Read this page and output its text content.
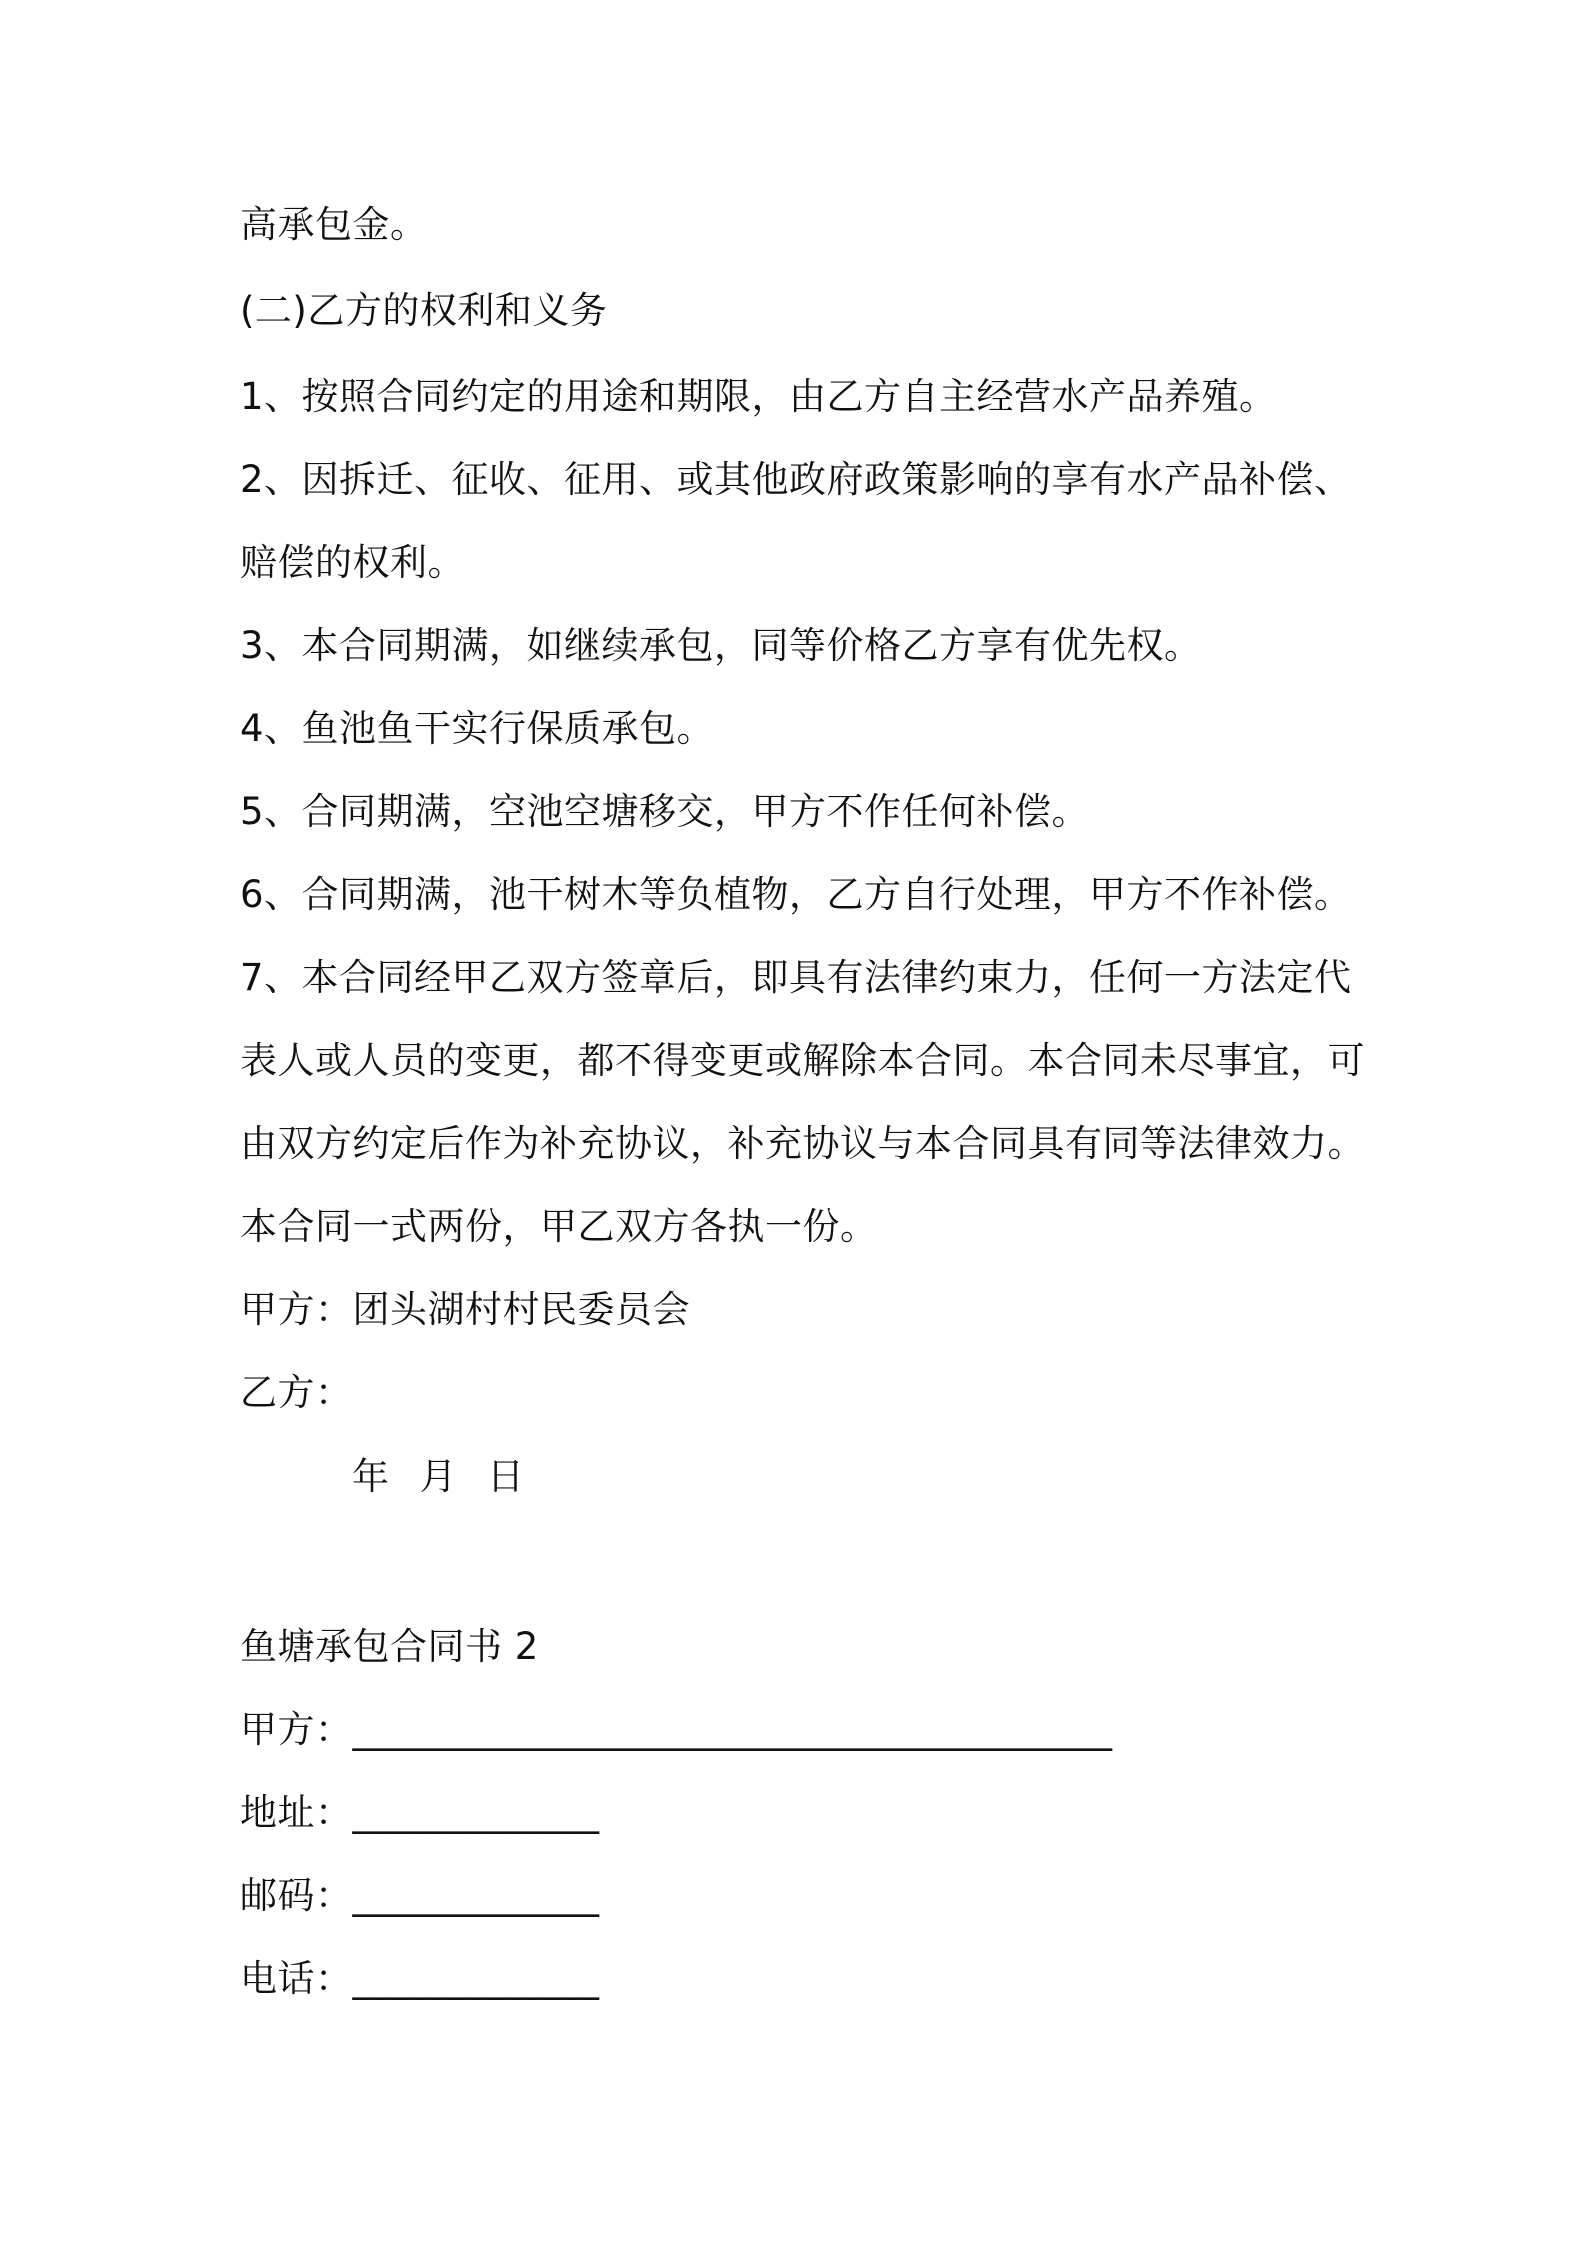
高承包金。
(二)乙方的权利和义务
1、按照合同约定的用途和期限，由乙方自主经营水产品养殖。
2、因拆迁、征收、征用、或其他政府政策影响的享有水产品补偿、
赔偿的权利。
3、本合同期满，如继续承包，同等价格乙方享有优先权。
4、鱼池鱼干实行保质承包。
5、合同期满，空池空塘移交，甲方不作任何补偿。
6、合同期满，池干树木等负植物，乙方自行处理，甲方不作补偿。
7、本合同经甲乙双方签章后，即具有法律约束力，任何一方法定代
表人或人员的变更，都不得变更或解除本合同。本合同未尽事宜，可
由双方约定后作为补充协议，补充协议与本合同具有同等法律效力。
本合同一式两份，甲乙双方各执一份。
甲方：团头湖村村民委员会
乙方：
年 月 日
鱼塘承包合同书 2
甲方：________________________________________
地址：_____________
邮码：_____________
电话：_____________
